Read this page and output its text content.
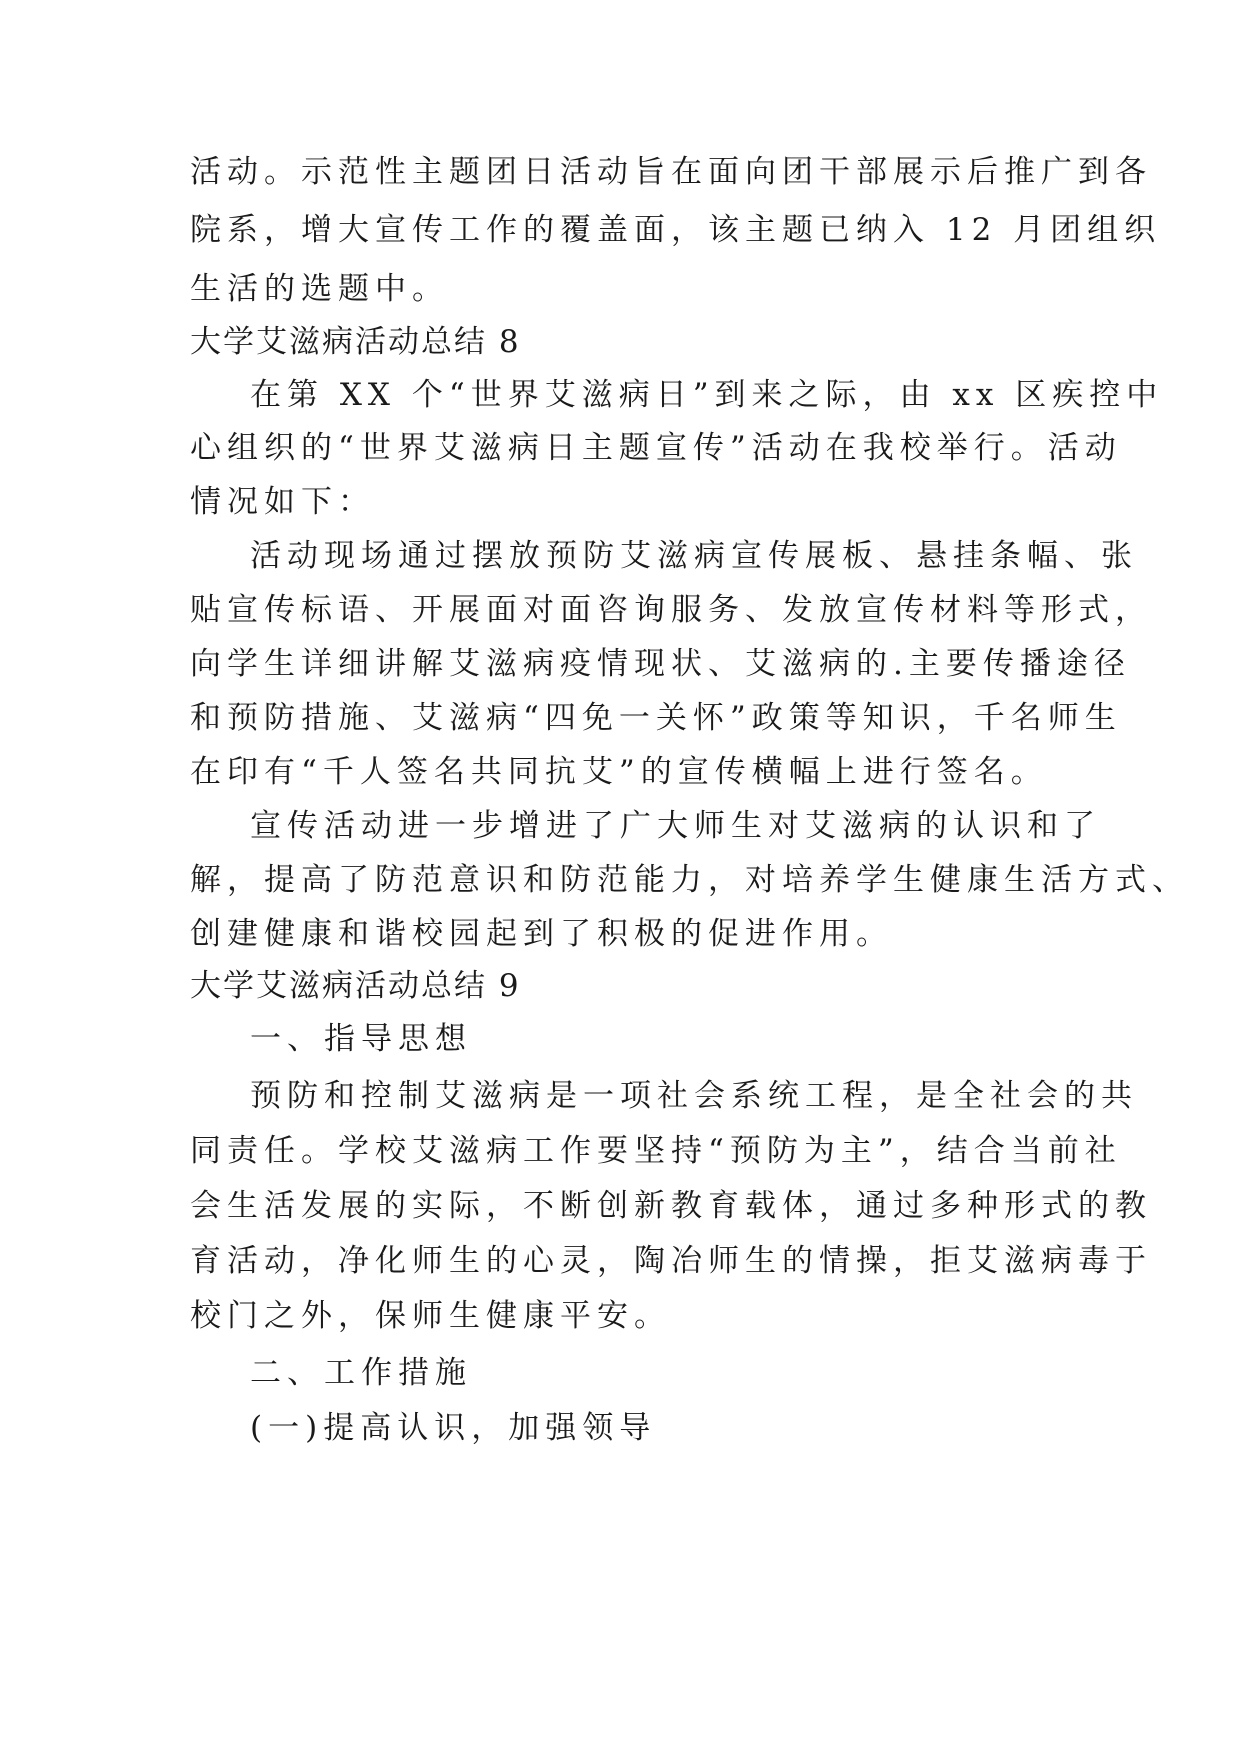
活动。示范性主题团日活动旨在面向团干部展示后推广到各
院系，增大宣传工作的覆盖面，该主题已纳入 12 月团组织
生活的选题中。
大学艾滋病活动总结 8
在第 XX 个“世界艾滋病日”到来之际，由 xx 区疾控中
心组织的“世界艾滋病日主题宣传”活动在我校举行。活动
情况如下：
活动现场通过摆放预防艾滋病宣传展板、悬挂条幅、张
贴宣传标语、开展面对面咨询服务、发放宣传材料等形式，
向学生详细讲解艾滋病疫情现状、艾滋病的.主要传播途径
和预防措施、艾滋病“四免一关怀”政策等知识，千名师生
在印有“千人签名共同抗艾”的宣传横幅上进行签名。
宣传活动进一步增进了广大师生对艾滋病的认识和了
解，提高了防范意识和防范能力，对培养学生健康生活方式、
创建健康和谐校园起到了积极的促进作用。
大学艾滋病活动总结 9
一、指导思想
预防和控制艾滋病是一项社会系统工程，是全社会的共
同责任。学校艾滋病工作要坚持“预防为主”，结合当前社
会生活发展的实际，不断创新教育载体，通过多种形式的教
育活动，净化师生的心灵，陶冶师生的情操，拒艾滋病毒于
校门之外，保师生健康平安。
二、工作措施
(一)提高认识，加强领导
